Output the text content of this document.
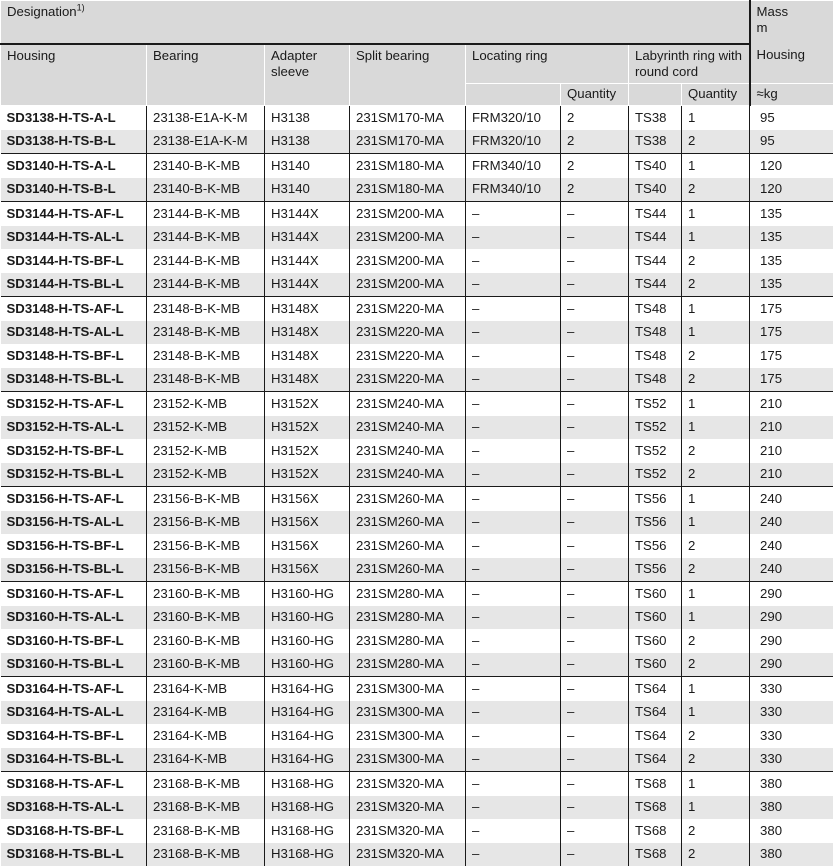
Designation$^{1)}$								Mass
m
Housing	Bearing	Adapter sleeve	Split bearing	Locating ring		Labyrinth ring with round cord		Housing
					Quantity		Quantity	≈kg
SD3138-H-TS-A-L	23138-E1A-K-M	H3138	231SM170-MA	FRM320/10	2	TS38	1	95
SD3138-H-TS-B-L	23138-E1A-K-M	H3138	231SM170-MA	FRM320/10	2	TS38	2	95
SD3140-H-TS-A-L	23140-B-K-MB	H3140	231SM180-MA	FRM340/10	2	TS40	1	120
SD3140-H-TS-B-L	23140-B-K-MB	H3140	231SM180-MA	FRM340/10	2	TS40	2	120
SD3144-H-TS-AF-L	23144-B-K-MB	H3144X	231SM200-MA	–	–	TS44	1	135
SD3144-H-TS-AL-L	23144-B-K-MB	H3144X	231SM200-MA	–	–	TS44	1	135
SD3144-H-TS-BF-L	23144-B-K-MB	H3144X	231SM200-MA	–	–	TS44	2	135
SD3144-H-TS-BL-L	23144-B-K-MB	H3144X	231SM200-MA	–	–	TS44	2	135
SD3148-H-TS-AF-L	23148-B-K-MB	H3148X	231SM220-MA	–	–	TS48	1	175
SD3148-H-TS-AL-L	23148-B-K-MB	H3148X	231SM220-MA	–	–	TS48	1	175
SD3148-H-TS-BF-L	23148-B-K-MB	H3148X	231SM220-MA	–	–	TS48	2	175
SD3148-H-TS-BL-L	23148-B-K-MB	H3148X	231SM220-MA	–	–	TS48	2	175
SD3152-H-TS-AF-L	23152-K-MB	H3152X	231SM240-MA	–	–	TS52	1	210
SD3152-H-TS-AL-L	23152-K-MB	H3152X	231SM240-MA	–	–	TS52	1	210
SD3152-H-TS-BF-L	23152-K-MB	H3152X	231SM240-MA	–	–	TS52	2	210
SD3152-H-TS-BL-L	23152-K-MB	H3152X	231SM240-MA	–	–	TS52	2	210
SD3156-H-TS-AF-L	23156-B-K-MB	H3156X	231SM260-MA	–	–	TS56	1	240
SD3156-H-TS-AL-L	23156-B-K-MB	H3156X	231SM260-MA	–	–	TS56	1	240
SD3156-H-TS-BF-L	23156-B-K-MB	H3156X	231SM260-MA	–	–	TS56	2	240
SD3156-H-TS-BL-L	23156-B-K-MB	H3156X	231SM260-MA	–	–	TS56	2	240
SD3160-H-TS-AF-L	23160-B-K-MB	H3160-HG	231SM280-MA	–	–	TS60	1	290
SD3160-H-TS-AL-L	23160-B-K-MB	H3160-HG	231SM280-MA	–	–	TS60	1	290
SD3160-H-TS-BF-L	23160-B-K-MB	H3160-HG	231SM280-MA	–	–	TS60	2	290
SD3160-H-TS-BL-L	23160-B-K-MB	H3160-HG	231SM280-MA	–	–	TS60	2	290
SD3164-H-TS-AF-L	23164-K-MB	H3164-HG	231SM300-MA	–	–	TS64	1	330
SD3164-H-TS-AL-L	23164-K-MB	H3164-HG	231SM300-MA	–	–	TS64	1	330
SD3164-H-TS-BF-L	23164-K-MB	H3164-HG	231SM300-MA	–	–	TS64	2	330
SD3164-H-TS-BL-L	23164-K-MB	H3164-HG	231SM300-MA	–	–	TS64	2	330
SD3168-H-TS-AF-L	23168-B-K-MB	H3168-HG	231SM320-MA	–	–	TS68	1	380
SD3168-H-TS-AL-L	23168-B-K-MB	H3168-HG	231SM320-MA	–	–	TS68	1	380
SD3168-H-TS-BF-L	23168-B-K-MB	H3168-HG	231SM320-MA	–	–	TS68	2	380
SD3168-H-TS-BL-L	23168-B-K-MB	H3168-HG	231SM320-MA	–	–	TS68	2	380
